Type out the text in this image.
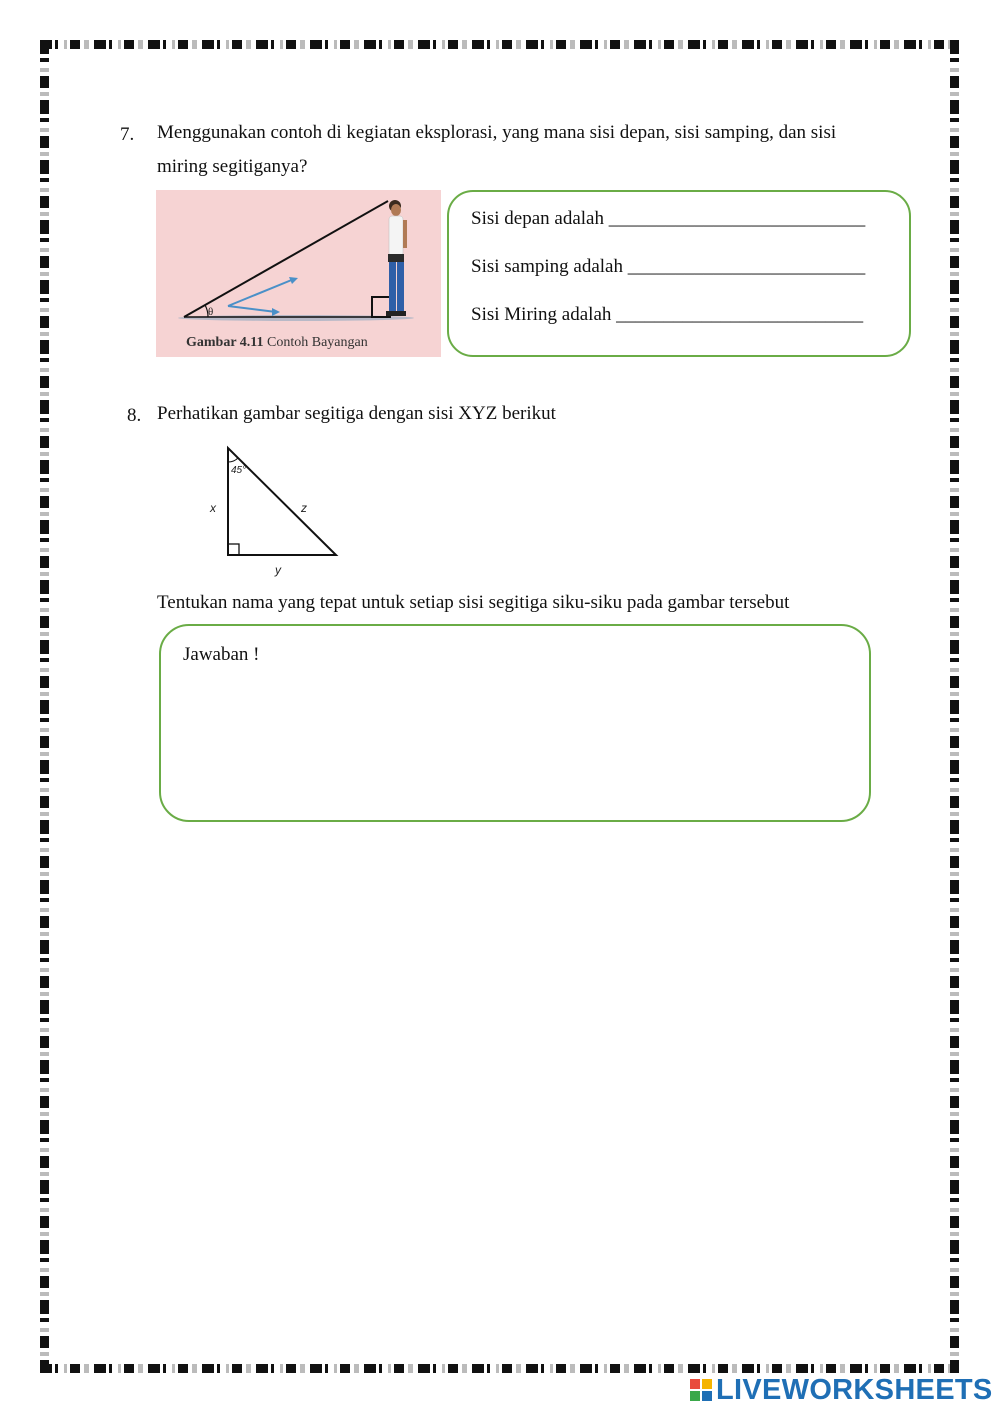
7. Menggunakan contoh di kegiatan eksplorasi, yang mana sisi depan, sisi samping, dan sisi
miring segitiganya?
θ
Gambar 4.11 Contoh Bayangan
Sisi depan adalah ___________________________
Sisi samping adalah _________________________
Sisi Miring adalah __________________________
8. Perhatikan gambar segitiga dengan sisi XYZ berikut
45°
x	z
y
Tentukan nama yang tepat untuk setiap sisi segitiga siku-siku pada gambar tersebut
Jawaban !
LIVEWORKSHEETS
